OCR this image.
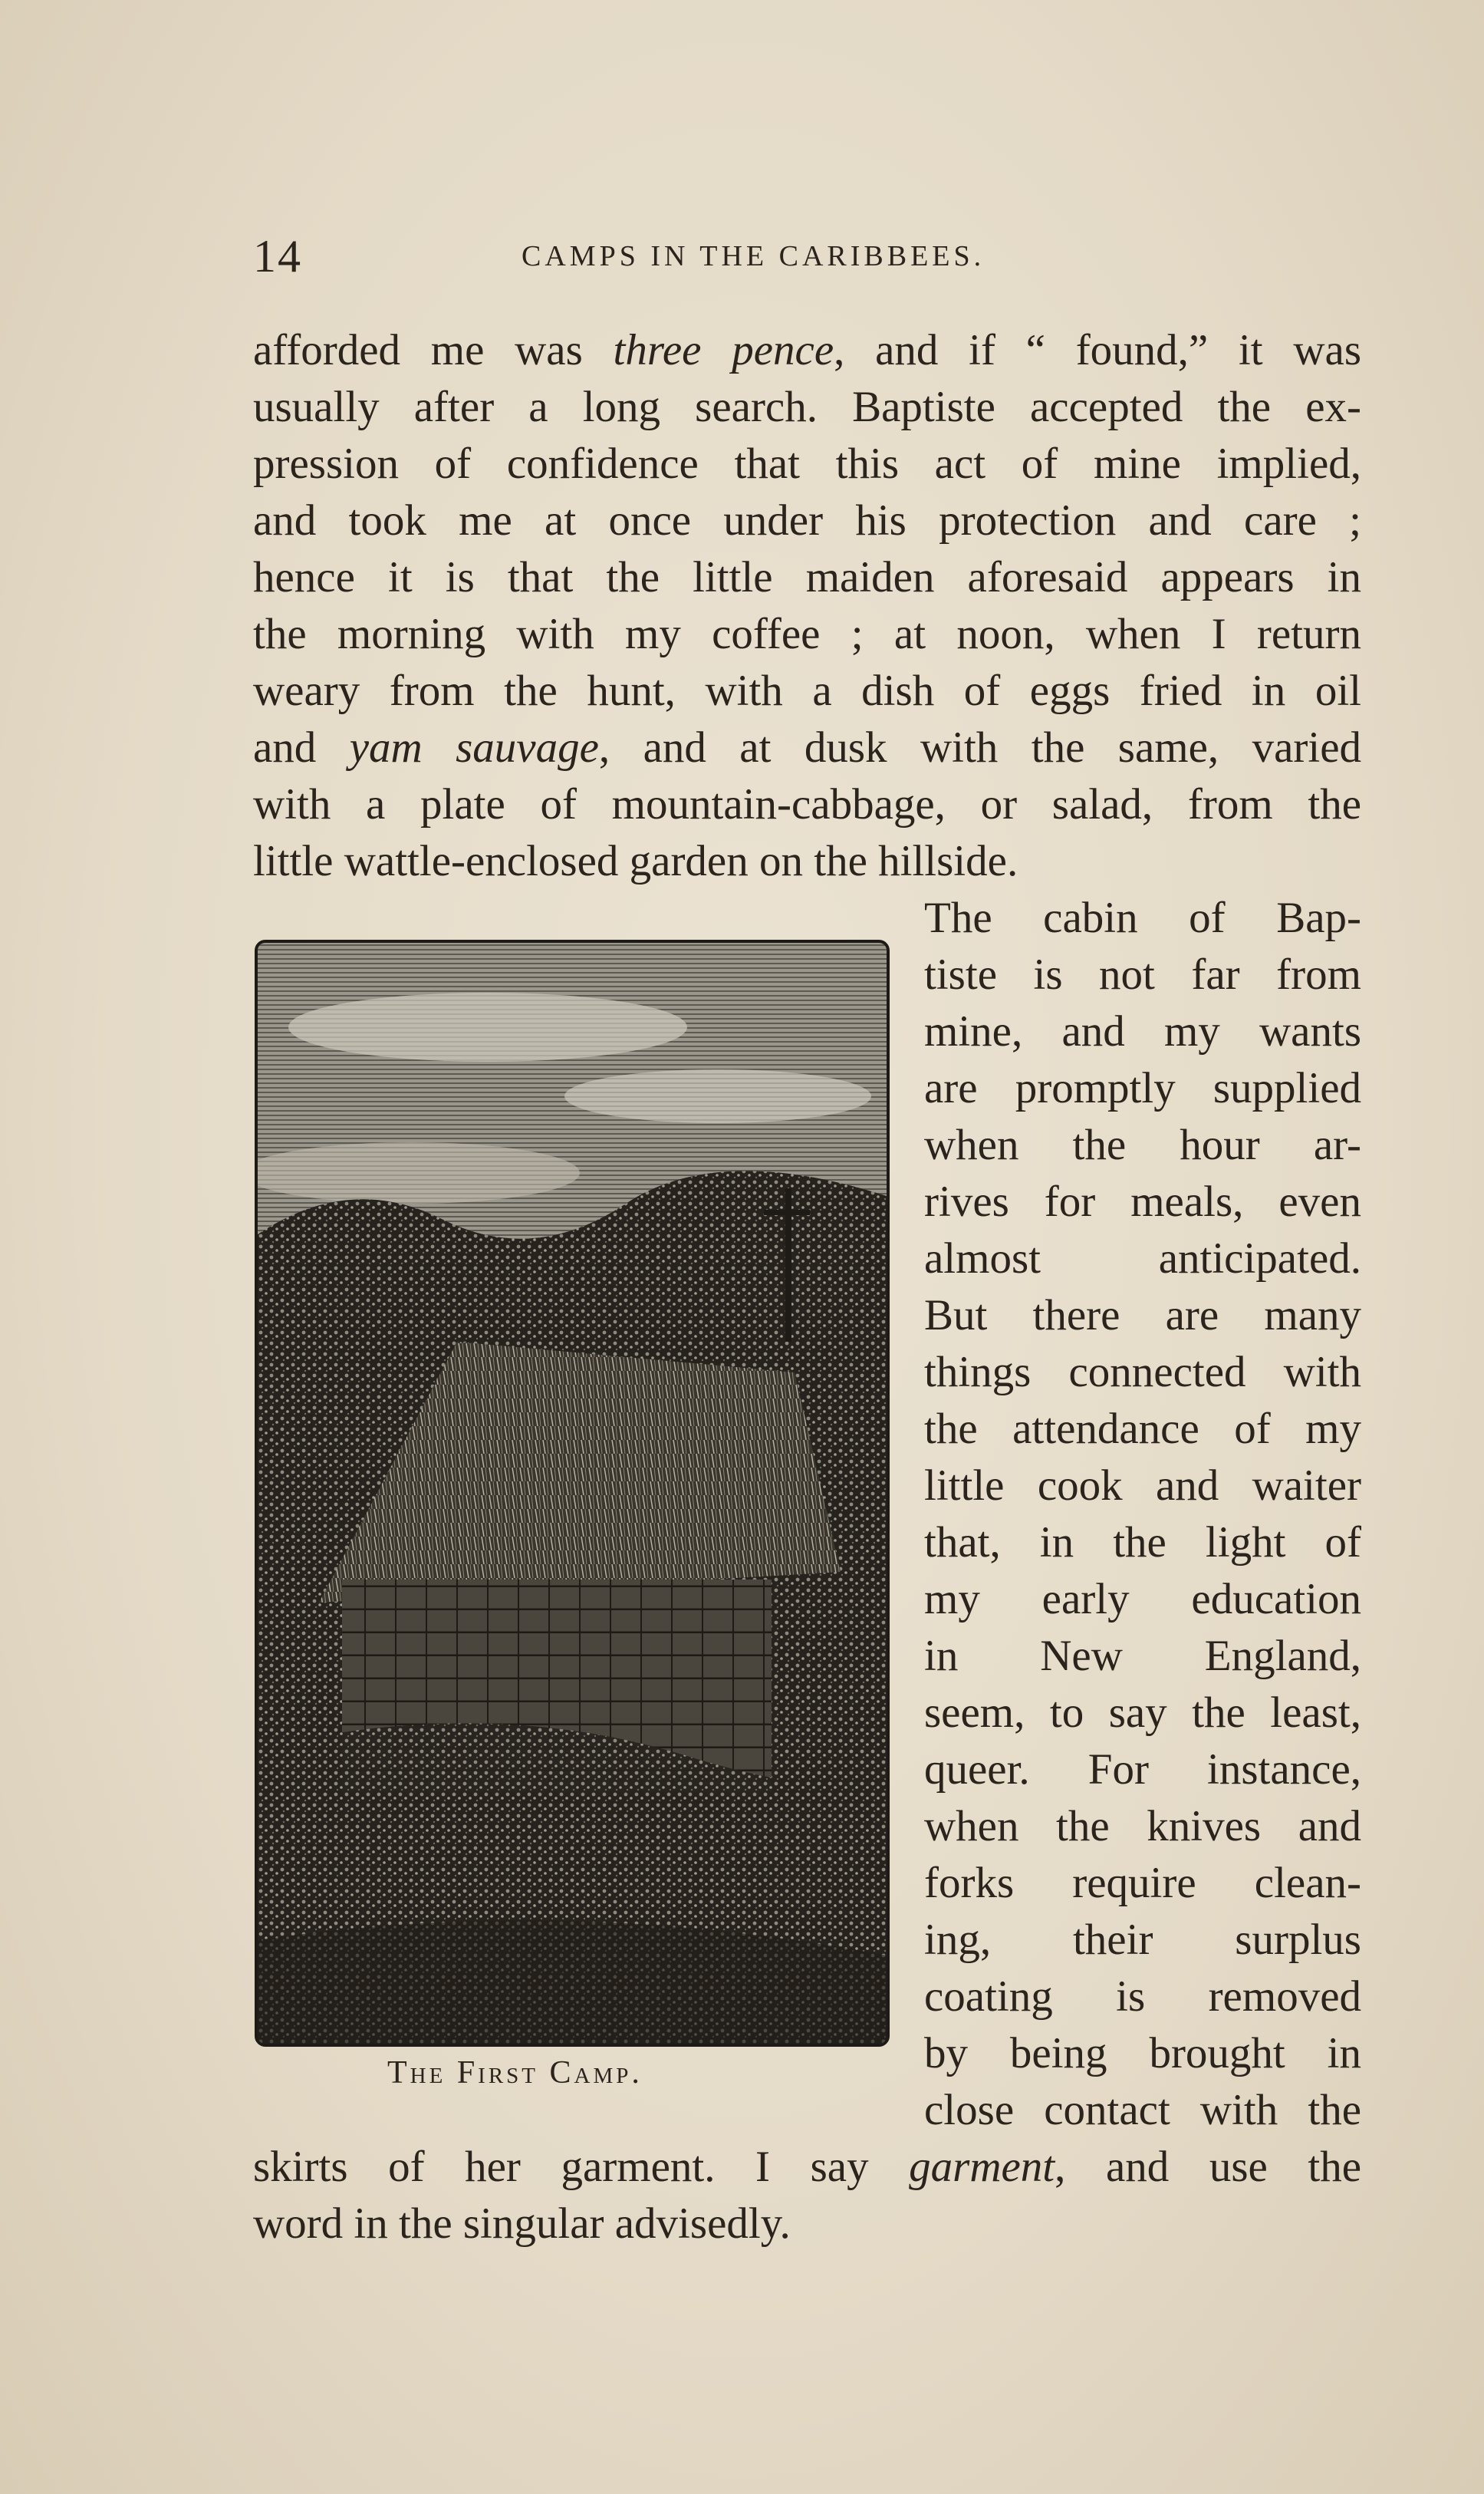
14	CAMPS IN THE CARIBBEES.
afforded me was three pence, and if “ found,” it was
usually after a long search. Baptiste accepted the ex-
pression of confidence that this act of mine implied,
and took me at once under his protection and care ;
hence it is that the little maiden aforesaid appears in
the morning with my coffee ; at noon, when I return
weary from the hunt, with a dish of eggs fried in oil
and yam sauvage, and at dusk with the same, varied
with a plate of mountain-cabbage, or salad, from the
little wattle-enclosed garden on the hillside.
The First Camp.
The cabin of Bap-
tiste is not far from
mine, and my wants
are promptly supplied
when the hour ar-
rives for meals, even
almost anticipated.
But there are many
things connected with
the attendance of my
little cook and waiter
that, in the light of
my early education
in New England,
seem, to say the least,
queer. For instance,
when the knives and
forks require clean-
ing, their surplus
coating is removed
by being brought in
close contact with the
skirts of her garment. I say garment, and use the
word in the singular advisedly.
